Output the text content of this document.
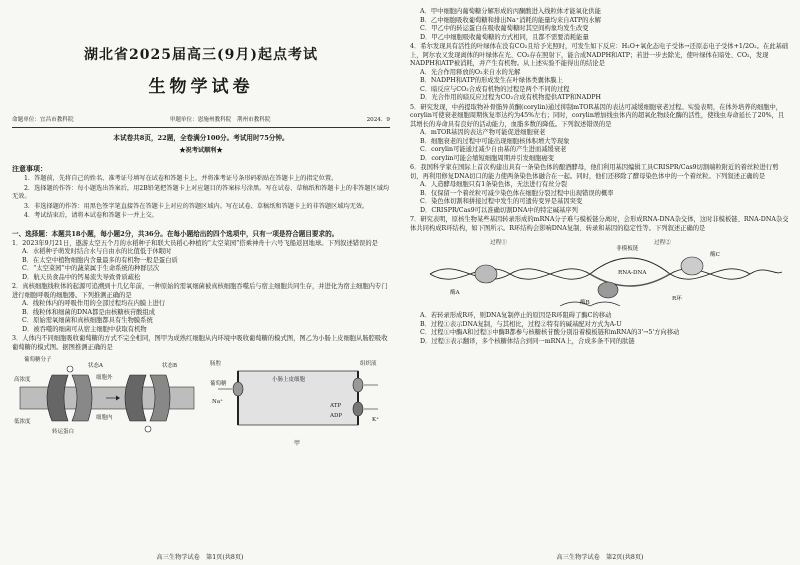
湖北省2025届高三(9月)起点考试
生物学试卷
命题单位：宜昌市教科院	审题单位：恩施州教科院　荆州市教科院	2024．9
本试卷共8页，22题，全卷满分100分。考试用时75分钟。
★祝考试顺利★
注意事项：
1．答题前，先将自己的姓名、准考证号填写在试卷和答题卡上，并将准考证号条形码粘贴在答题卡上的指定位置。
2．选择题的作答：每小题选出答案后，用2B铅笔把答题卡上对应题目的答案标号涂黑。写在试卷、草稿纸和答题卡上的非答题区域均无效。
3．非选择题的作答：用黑色签字笔直接答在答题卡上对应的答题区域内。写在试卷、草稿纸和答题卡上的非答题区域均无效。
4．考试结束后，请将本试卷和答题卡一并上交。
一、选择题：本题共18小题，每小题2分，共36分。在每小题给出的四个选项中，只有一项是符合题目要求的。
1．2023年9月21日，遨游太空五个月的水稻种子和联大员稻心种植的“太空菜园”搭乘神舟十六号飞船返回地球。下列叙述错误的是
A．水稻种子萌发时结合水与自由水的比值低于休眠时
B．在太空中植物细胞内含量最多的有机物一般是蛋白质
C．“太空菜园”中的蔬菜属于生命系统的种群层次
D．航天员食品中的钙易流失导致骨质疏松
2．真核细胞线粒体的起源可追溯到十几亿年前，一种原始的需氧细菌被真核细胞吞噬后与宿主细胞共同生存，并进化为宿主细胞内专门进行细胞呼吸的细胞器。下列推测正确的是
A．线粒体内的呼吸作用的全部过程均在内膜上进行
B．线粒体和细菌的DNA都是由核糖核苷酸组成
C．原始需氧细菌和真核细胞都具有生物膜系统
D．被吞噬的细菌可从宿主细胞中获取有机物
3．人体内不同细胞吸收葡萄糖的方式不完全相同，图甲为成熟红细胞从内环境中吸收葡萄糖的模式图，图乙为小肠上皮细胞从肠腔吸收葡萄糖的模式图。据图推测正确的是
葡萄糖分子
状态A	状态B
细胞外
细胞内
高浓度
低浓度
转运蛋白
甲
肠腔
小肠上皮细胞
组织液
Na⁺
葡萄糖
K⁺
ATP
ADP
高三生物学试卷　第1页(共8页)
A．甲中细胞内葡萄糖分解形成的丙酮酸进入线粒体才能氧化供能
B．乙中细胞吸收葡萄糖和排出Na⁺消耗的能量均来自ATP的水解
C．甲乙中的转运蛋白在吸收葡萄糖时其空间构象均发生改变
D．甲乙中细胞吸收葡萄糖的方式相同，且都不需要消耗能量
4．希尔发现具有活性的叶绿体在没有CO₂且给予光照时，可发生如下反应：H₂O+氧化态电子受体→还原态电子受体+1/2O₂。在此基础上，阿尔农又发现离体的叶绿体在光、CO₂存在照射下，能合成NADPH和ATP；若进一步去除光，使叶绿体在暗处、CO₂，发现NADPH和ATP被消耗，并产生有机物。从上述实验不能得出的结论是
A．光合作用释放的O₂来自水的光解
B．NADPH和ATP的形成发生在叶绿体类囊体膜上
C．暗反应与CO₂合成有机物的过程是两个不同的过程
D．光合作用的暗反应过程为CO₂合成有机物提供ATP和NADPH
5．研究发现，中药提取物补骨脂异黄酮(corylin)通过抑制mTOR基因的表达可减缓细胞衰老过程。实验表明，在体外培养的细胞中，corylin可使衰老细胞周期恢复率达约为45%左右；同时，corylin增加线虫体内的超氧化物歧化酶的活性，使线虫寿命延长了20%，且其增长的寿命具有良好的活动能力，血脂多数的降低。下列叙述错误的是
A．mTOR基因的表达产物可能促进细胞衰老
B．细胞衰老的过程中可能出现细胞核体积增大等现象
C．corylin可能通过减少自由基的产生进而减缓衰老
D．corylin可能会缩短细胞周期并引发细胞癌变
6．我国科学家在国际上首次构建出具有一条染色体的酿酒酵母，他们利用基因编辑工具CRISPR/Cas9切割端粒附近的着丝粒进行剪切，再利用修复DNA切口的能力使两条染色体融合在一起。同时，他们还移除了酵母染色体中的一个着丝粒。下列叙述正确的是
A．人造酵母细胞只有1条染色体，无法进行有丝分裂
B．仅保留一个着丝粒可减少染色体在细胞分裂过程中出现错误的概率
C．染色体切割和拼接过程中发生的可遗传变异是基因突变
D．CRISPR/Cas9可以准确切割DNA中的特定碱基序列
7．研究表明，原核生物某些基因转录形成的mRNA分子难与模板链分离时，会形成RNA-DNA杂交体，这时非模板链、RNA-DNA杂交体共同构成R环结构，如下图所示。R环结构会影响DNA复制、转录和基因的稳定性等。下列叙述正确的是
过程①	过程②
酶A
酶B
酶C
非模板链
RNA-DNA
R环
A．若转录形成R环，则DNA复制停止的原因是R环阻碍了酶C的移动
B．过程①表示DNA复制，与其相比，过程②特有的碱基配对方式为A-U
C．过程①中酶A和过程③中酶B都参与核糖核苷酸分别沿着模板链和mRNA的3'→5'方向移动
D．过程③表示翻译，多个核糖体结合到同一mRNA上，合成多条不同的肽链
高三生物学试卷　第2页(共8页)
